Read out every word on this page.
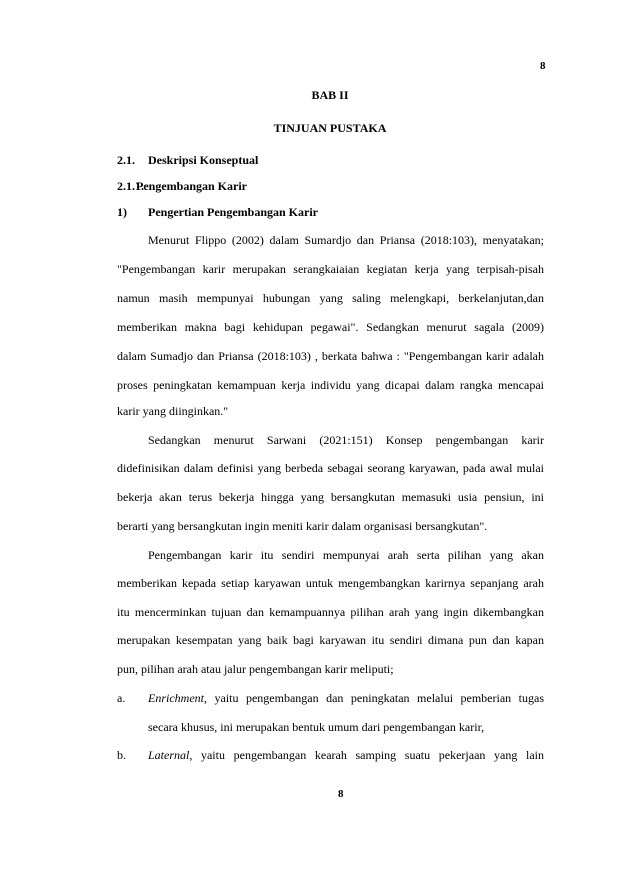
8
BAB II
TINJUAN PUSTAKA
2.1. Deskripsi Konseptual
2.1.1.
Pengembangan Karir
1) Pengertian Pengembangan Karir
Menurut Flippo (2002) dalam Sumardjo dan Priansa (2018:103), menyatakan;
"Pengembangan karir merupakan serangkaiaian kegiatan kerja yang terpisah-pisah
namun masih mempunyai hubungan yang saling melengkapi, berkelanjutan,dan
memberikan makna bagi kehidupan pegawai". Sedangkan menurut sagala (2009)
dalam Sumadjo dan Priansa (2018:103) , berkata bahwa : "Pengembangan karir adalah
proses peningkatan kemampuan kerja individu yang dicapai dalam rangka mencapai
karir yang diinginkan."
Sedangkan menurut Sarwani (2021:151) Konsep pengembangan karir
didefinisikan dalam definisi yang berbeda sebagai seorang karyawan, pada awal mulai
bekerja akan terus bekerja hingga yang bersangkutan memasuki usia pensiun, ini
berarti yang bersangkutan ingin meniti karir dalam organisasi bersangkutan".
Pengembangan karir itu sendiri mempunyai arah serta pilihan yang akan
memberikan kepada setiap karyawan untuk mengembangkan karirnya sepanjang arah
itu mencerminkan tujuan dan kemampuannya pilihan arah yang ingin dikembangkan
merupakan kesempatan yang baik bagi karyawan itu sendiri dimana pun dan kapan
pun, pilihan arah atau jalur pengembangan karir meliputi;
a. Enrichment, yaitu pengembangan dan peningkatan melalui pemberian tugas
secara khusus, ini merupakan bentuk umum dari pengembangan karir,
b. Laternal, yaitu pengembangan kearah samping suatu pekerjaan yang lain
8
